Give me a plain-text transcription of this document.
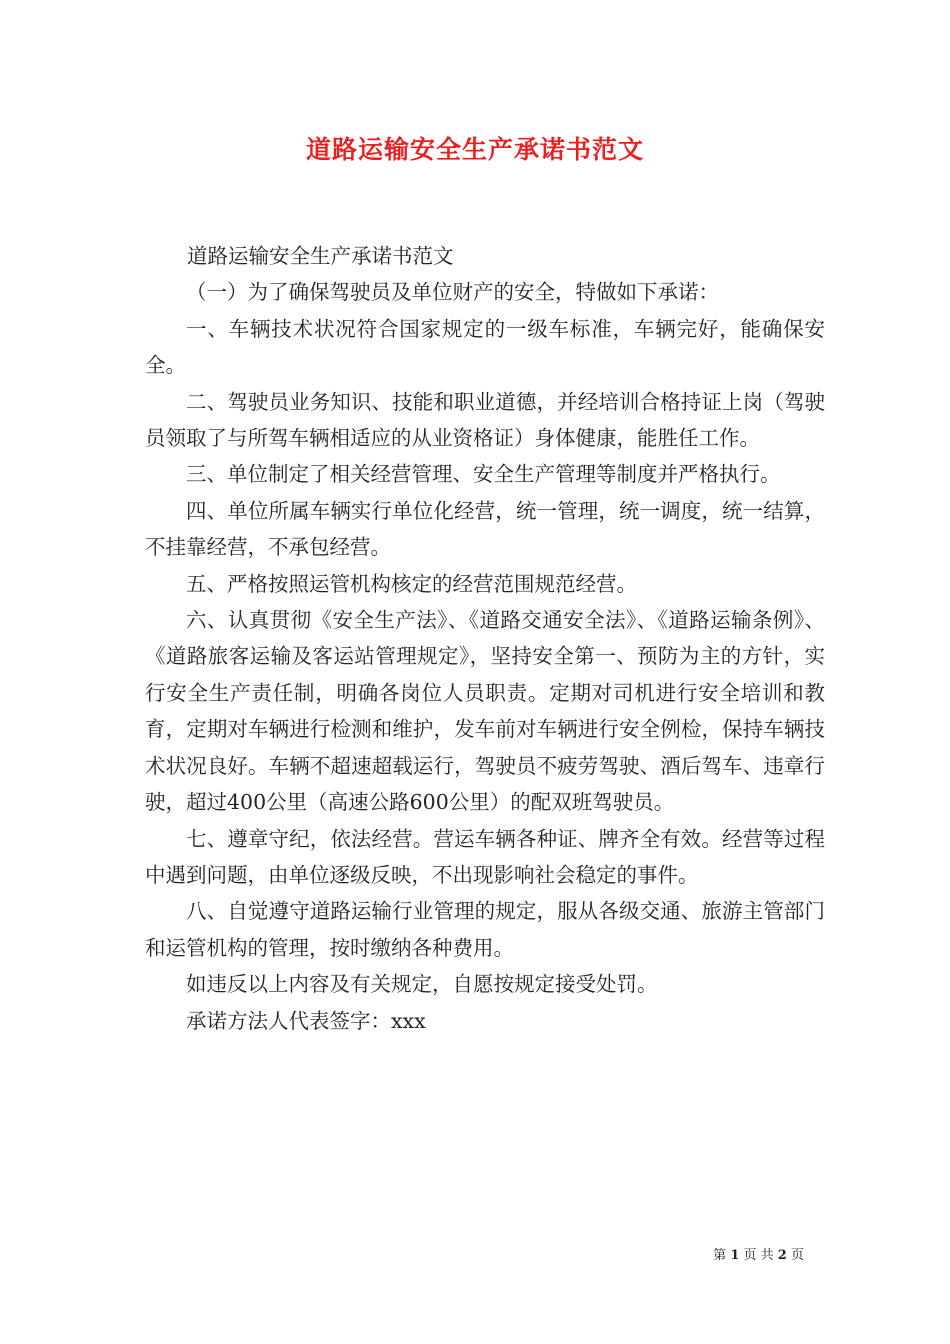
道路运输安全生产承诺书范文

道路运输安全生产承诺书范文

（一）为了确保驾驶员及单位财产的安全，特做如下承诺：

一、车辆技术状况符合国家规定的一级车标准，车辆完好，能确保安全。

二、驾驶员业务知识、技能和职业道德，并经培训合格持证上岗（驾驶员领取了与所驾车辆相适应的从业资格证）身体健康，能胜任工作。

三、单位制定了相关经营管理、安全生产管理等制度并严格执行。

四、单位所属车辆实行单位化经营，统一管理，统一调度，统一结算，不挂靠经营，不承包经营。

五、严格按照运管机构核定的经营范围规范经营。

六、认真贯彻《安全生产法》、《道路交通安全法》、《道路运输条例》、《道路旅客运输及客运站管理规定》，坚持安全第一、预防为主的方针，实行安全生产责任制，明确各岗位人员职责。定期对司机进行安全培训和教育，定期对车辆进行检测和维护，发车前对车辆进行安全例检，保持车辆技术状况良好。车辆不超速超载运行，驾驶员不疲劳驾驶、酒后驾车、违章行驶，超过400公里（高速公路600公里）的配双班驾驶员。

七、遵章守纪，依法经营。营运车辆各种证、牌齐全有效。经营等过程中遇到问题，由单位逐级反映，不出现影响社会稳定的事件。

八、自觉遵守道路运输行业管理的规定，服从各级交通、旅游主管部门和运管机构的管理，按时缴纳各种费用。

如违反以上内容及有关规定，自愿按规定接受处罚。

承诺方法人代表签字：xxx

第 1 页 共 2 页
